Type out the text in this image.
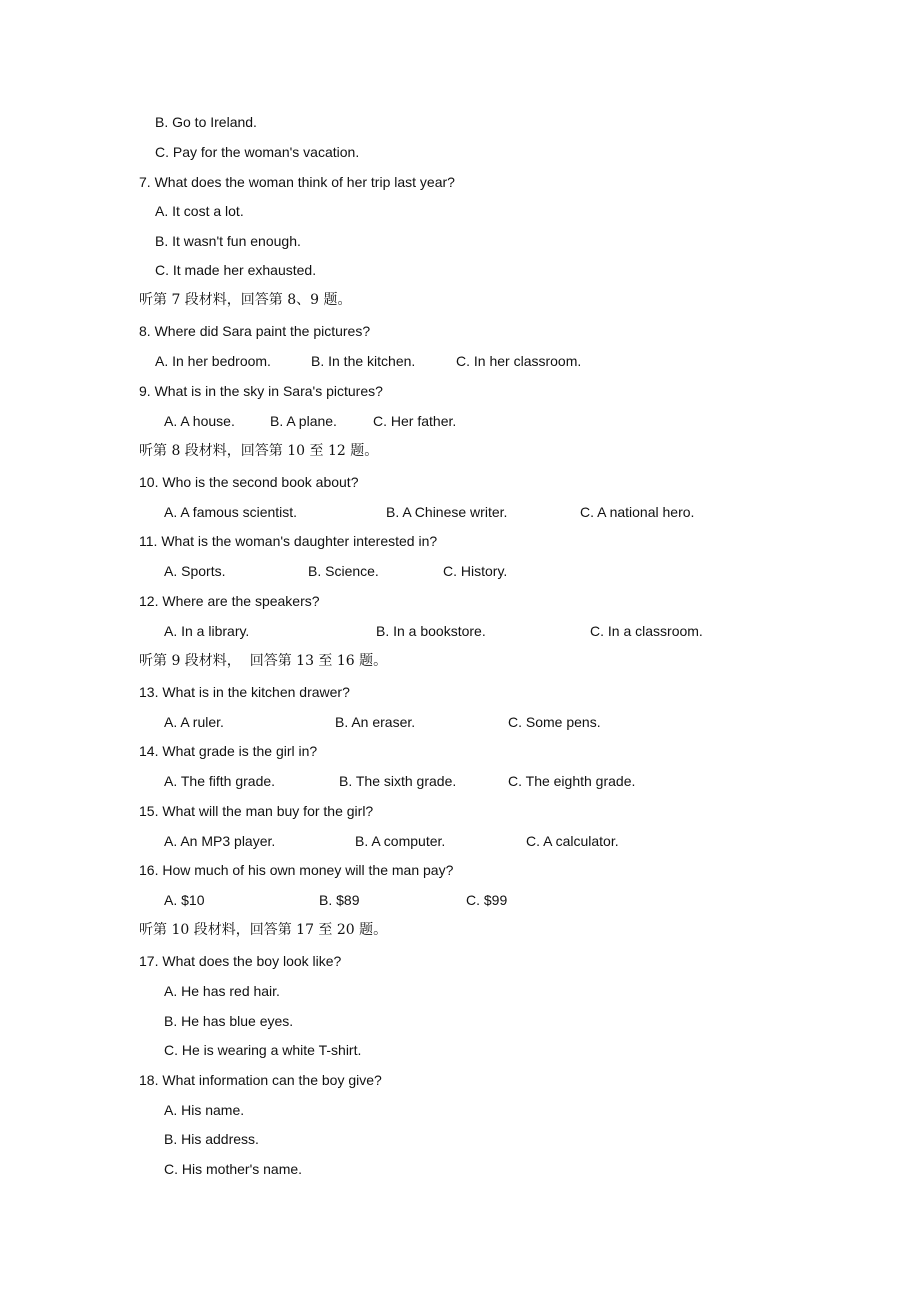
B. Go to Ireland.
C. Pay for the woman's vacation.
7. What does the woman think of her trip last year?
A. It cost a lot.
B. It wasn't fun enough.
C. It made her exhausted.
听第 7 段材料，回答第 8、9 题。
8. Where did Sara paint the pictures?
A. In her bedroom.	B. In the kitchen.	C. In her classroom.
9. What is in the sky in Sara's pictures?
A. A house.	B. A plane.	C. Her father.
听第 8 段材料，回答第 10 至 12 题。
10. Who is the second book about?
A. A famous scientist.	B. A Chinese writer.	C. A national hero.
11. What is the woman's daughter interested in?
A. Sports.	B. Science.	C. History.
12. Where are the speakers?
A. In a library.	B. In a bookstore.	C. In a classroom.
听第 9 段材料，  回答第 13 至 16 题。
13. What is in the kitchen drawer?
A. A ruler.	B. An eraser.	C. Some pens.
14. What grade is the girl in?
A. The fifth grade.	B. The sixth grade.	C. The eighth grade.
15. What will the man buy for the girl?
A. An MP3 player.	B. A computer.	C. A calculator.
16. How much of his own money will the man pay?
A. $10	B. $89	C. $99
听第 10 段材料，回答第 17 至 20 题。
17. What does the boy look like?
A. He has red hair.
B. He has blue eyes.
C. He is wearing a white T-shirt.
18. What information can the boy give?
A. His name.
B. His address.
C. His mother's name.
